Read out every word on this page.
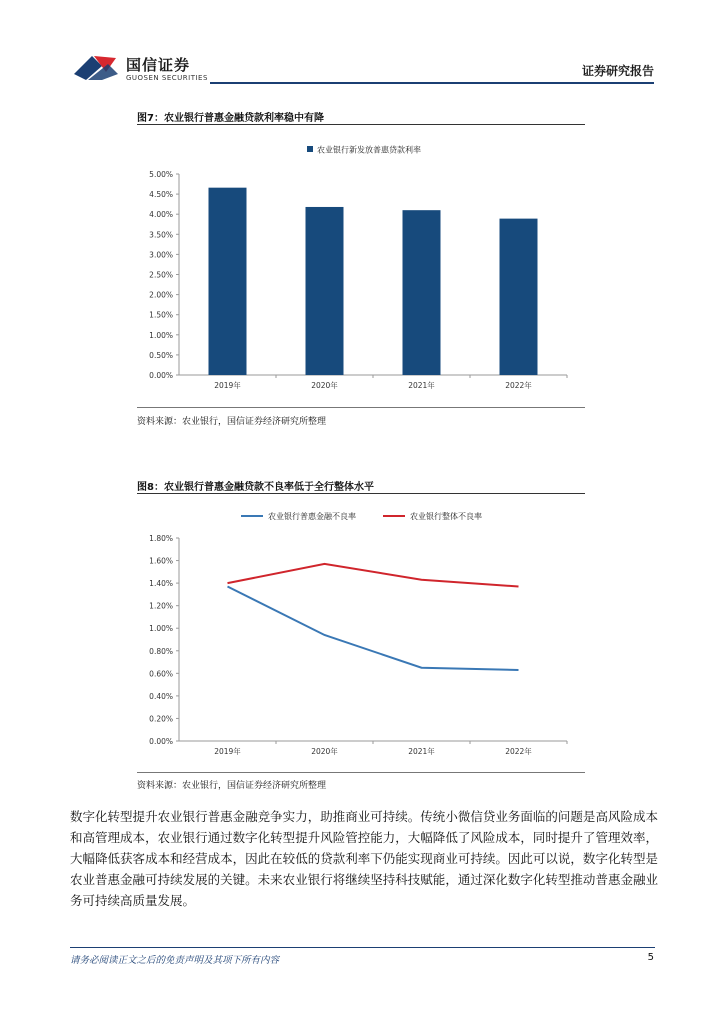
国信证券
GUOSEN SECURITIES	证券研究报告
图7：农业银行普惠金融贷款利率稳中有降
农业银行新发放普惠贷款利率
0.00%
0.50%
1.00%
1.50%
2.00%
2.50%
3.00%
3.50%
4.00%
4.50%
5.00%
2019年	2020年	2021年	2022年
资料来源：农业银行，国信证券经济研究所整理
图8：农业银行普惠金融贷款不良率低于全行整体水平
农业银行普惠金融不良率	农业银行整体不良率
0.00%
0.20%
0.40%
0.60%
0.80%
1.00%
1.20%
1.40%
1.60%
1.80%
2019年	2020年	2021年	2022年
资料来源：农业银行，国信证券经济研究所整理

数字化转型提升农业银行普惠金融竞争实力，助推商业可持续。传统小微信贷业务面临的问题是高风险成本和高管理成本，农业银行通过数字化转型提升风险管控能力，大幅降低了风险成本，同时提升了管理效率，大幅降低获客成本和经营成本，因此在较低的贷款利率下仍能实现商业可持续。因此可以说，数字化转型是农业普惠金融可持续发展的关键。未来农业银行将继续坚持科技赋能，通过深化数字化转型推动普惠金融业务可持续高质量发展。

请务必阅读正文之后的免责声明及其项下所有内容	5
